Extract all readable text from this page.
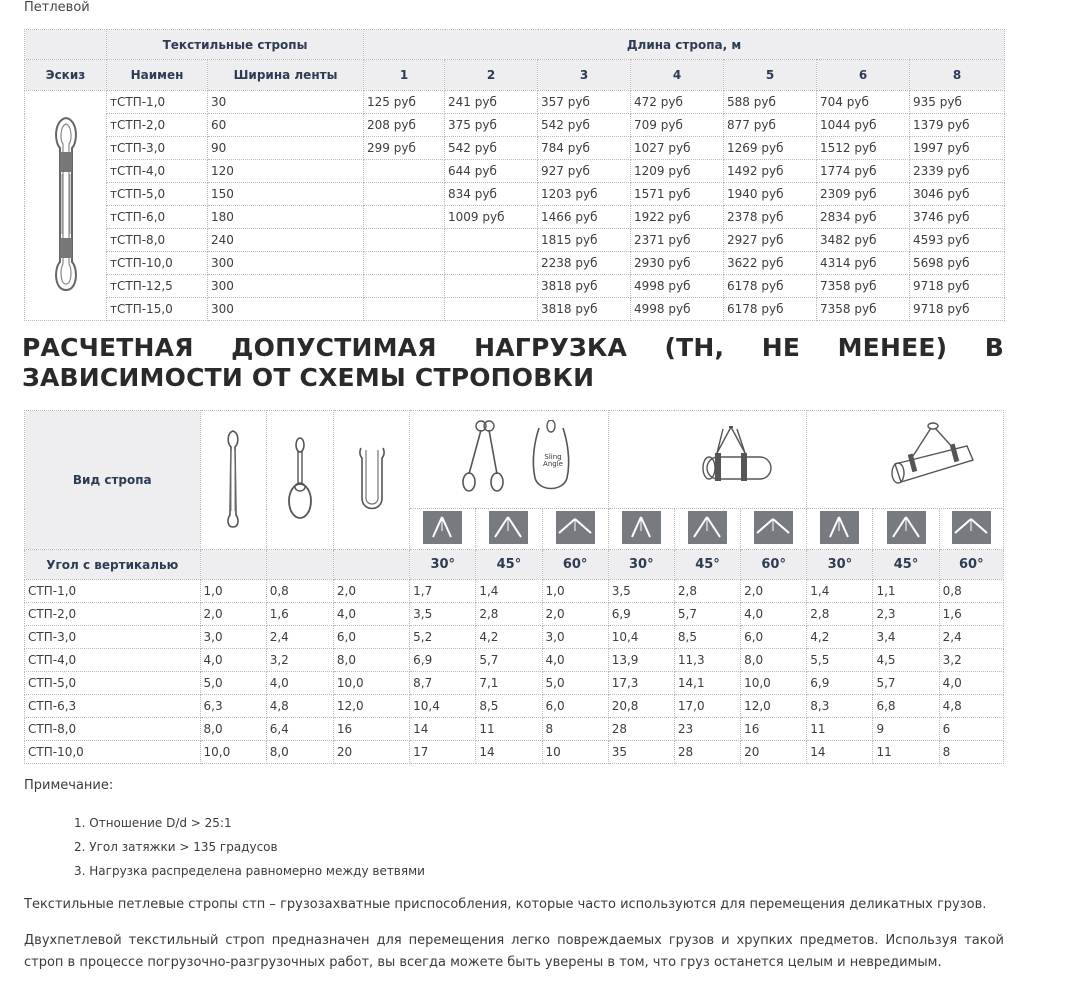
Петлевой
	Текстильные стропы		Длина стропа, м						
Эскиз	Наимен	Ширина ленты	1	2	3	4	5	6	8
	тСТП-1,0	30	125 руб	241 руб	357 руб	472 руб	588 руб	704 руб	935 руб
	тСТП-2,0	60	208 руб	375 руб	542 руб	709 руб	877 руб	1044 руб	1379 руб
	тСТП-3,0	90	299 руб	542 руб	784 руб	1027 руб	1269 руб	1512 руб	1997 руб
	тСТП-4,0	120		644 руб	927 руб	1209 руб	1492 руб	1774 руб	2339 руб
	тСТП-5,0	150		834 руб	1203 руб	1571 руб	1940 руб	2309 руб	3046 руб
	тСТП-6,0	180		1009 руб	1466 руб	1922 руб	2378 руб	2834 руб	3746 руб
	тСТП-8,0	240			1815 руб	2371 руб	2927 руб	3482 руб	4593 руб
	тСТП-10,0	300			2238 руб	2930 руб	3622 руб	4314 руб	5698 руб
	тСТП-12,5	300			3818 руб	4998 руб	6178 руб	7358 руб	9718 руб
	тСТП-15,0	300			3818 руб	4998 руб	6178 руб	7358 руб	9718 руб
РАСЧЕТНАЯ ДОПУСТИМАЯ НАГРУЗКА (ТН, НЕ МЕНЕЕ) В ЗАВИСИМОСТИ ОТ СХЕМЫ СТРОПОВКИ
Вид стропа				Sling
Angle

Угол с вертикалью				30°	45°	60°	30°	45°	60°	30°	45°	60°
СТП-1,0	1,0	0,8	2,0	1,7	1,4	1,0	3,5	2,8	2,0	1,4	1,1	0,8
СТП-2,0	2,0	1,6	4,0	3,5	2,8	2,0	6,9	5,7	4,0	2,8	2,3	1,6
СТП-3,0	3,0	2,4	6,0	5,2	4,2	3,0	10,4	8,5	6,0	4,2	3,4	2,4
СТП-4,0	4,0	3,2	8,0	6,9	5,7	4,0	13,9	11,3	8,0	5,5	4,5	3,2
СТП-5,0	5,0	4,0	10,0	8,7	7,1	5,0	17,3	14,1	10,0	6,9	5,7	4,0
СТП-6,3	6,3	4,8	12,0	10,4	8,5	6,0	20,8	17,0	12,0	8,3	6,8	4,8
СТП-8,0	8,0	6,4	16	14	11	8	28	23	16	11	9	6
СТП-10,0	10,0	8,0	20	17	14	10	35	28	20	14	11	8
Примечание:
1. Отношение D/d > 25:1
2. Угол затяжки > 135 градусов
3. Нагрузка распределена равномерно между ветвями

Текстильные петлевые стропы стп – грузозахватные приспособления, которые часто используются для перемещения деликатных грузов.

Двухпетлевой текстильный строп предназначен для перемещения легко повреждаемых грузов и хрупких предметов. Используя такой строп в процессе погрузочно-разгрузочных работ, вы всегда можете быть уверены в том, что груз останется целым и невредимым.
